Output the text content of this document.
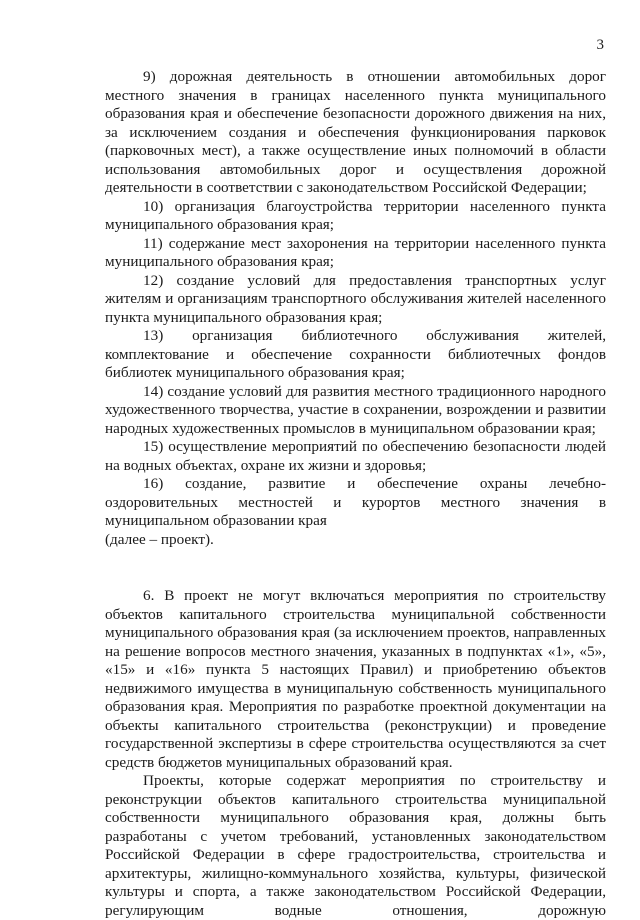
3

9) дорожная деятельность в отношении автомобильных дорог местного значения в границах населенного пункта муниципального образования края и обеспечение безопасности дорожного движения на них, за исключением создания и обеспечения функционирования парковок (парковочных мест), а также осуществление иных полномочий в области использования автомобильных дорог и осуществления дорожной деятельности в соответствии с законодательством Российской Федерации;

10) организация благоустройства территории населенного пункта муниципального образования края;

11) содержание мест захоронения на территории населенного пункта муниципального образования края;

12) создание условий для предоставления транспортных услуг жителям и организациям транспортного обслуживания жителей населенного пункта муниципального образования края;

13) организация библиотечного обслуживания жителей, комплектование и обеспечение сохранности библиотечных фондов библиотек муниципального образования края;

14) создание условий для развития местного традиционного народного художественного творчества, участие в сохранении, возрождении и развитии народных художественных промыслов в муниципальном образовании края;

15) осуществление мероприятий по обеспечению безопасности людей на водных объектах, охране их жизни и здоровья;

16) создание, развитие и обеспечение охраны лечебно-оздоровительных местностей и курортов местного значения в муниципальном образовании края

(далее – проект).

6. В проект не могут включаться мероприятия по строительству объектов капитального строительства муниципальной собственности муниципального образования края (за исключением проектов, направленных на решение вопросов местного значения, указанных в подпунктах «1», «5», «15» и «16» пункта 5 настоящих Правил) и приобретению объектов недвижимого имущества в муниципальную собственность муниципального образования края. Мероприятия по разработке проектной документации на объекты капитального строительства (реконструкции) и проведение государственной экспертизы в сфере строительства осуществляются за счет средств бюджетов муниципальных образований края.

Проекты, которые содержат мероприятия по строительству и реконструкции объектов капитального строительства муниципальной собственности муниципального образования края, должны быть разработаны с учетом требований, установленных законодательством Российской Федерации в сфере градостроительства, строительства и архитектуры, жилищно-коммунального хозяйства, культуры, физической культуры и спорта, а также законодательством Российской Федерации, регулирующим водные отношения, дорожную
